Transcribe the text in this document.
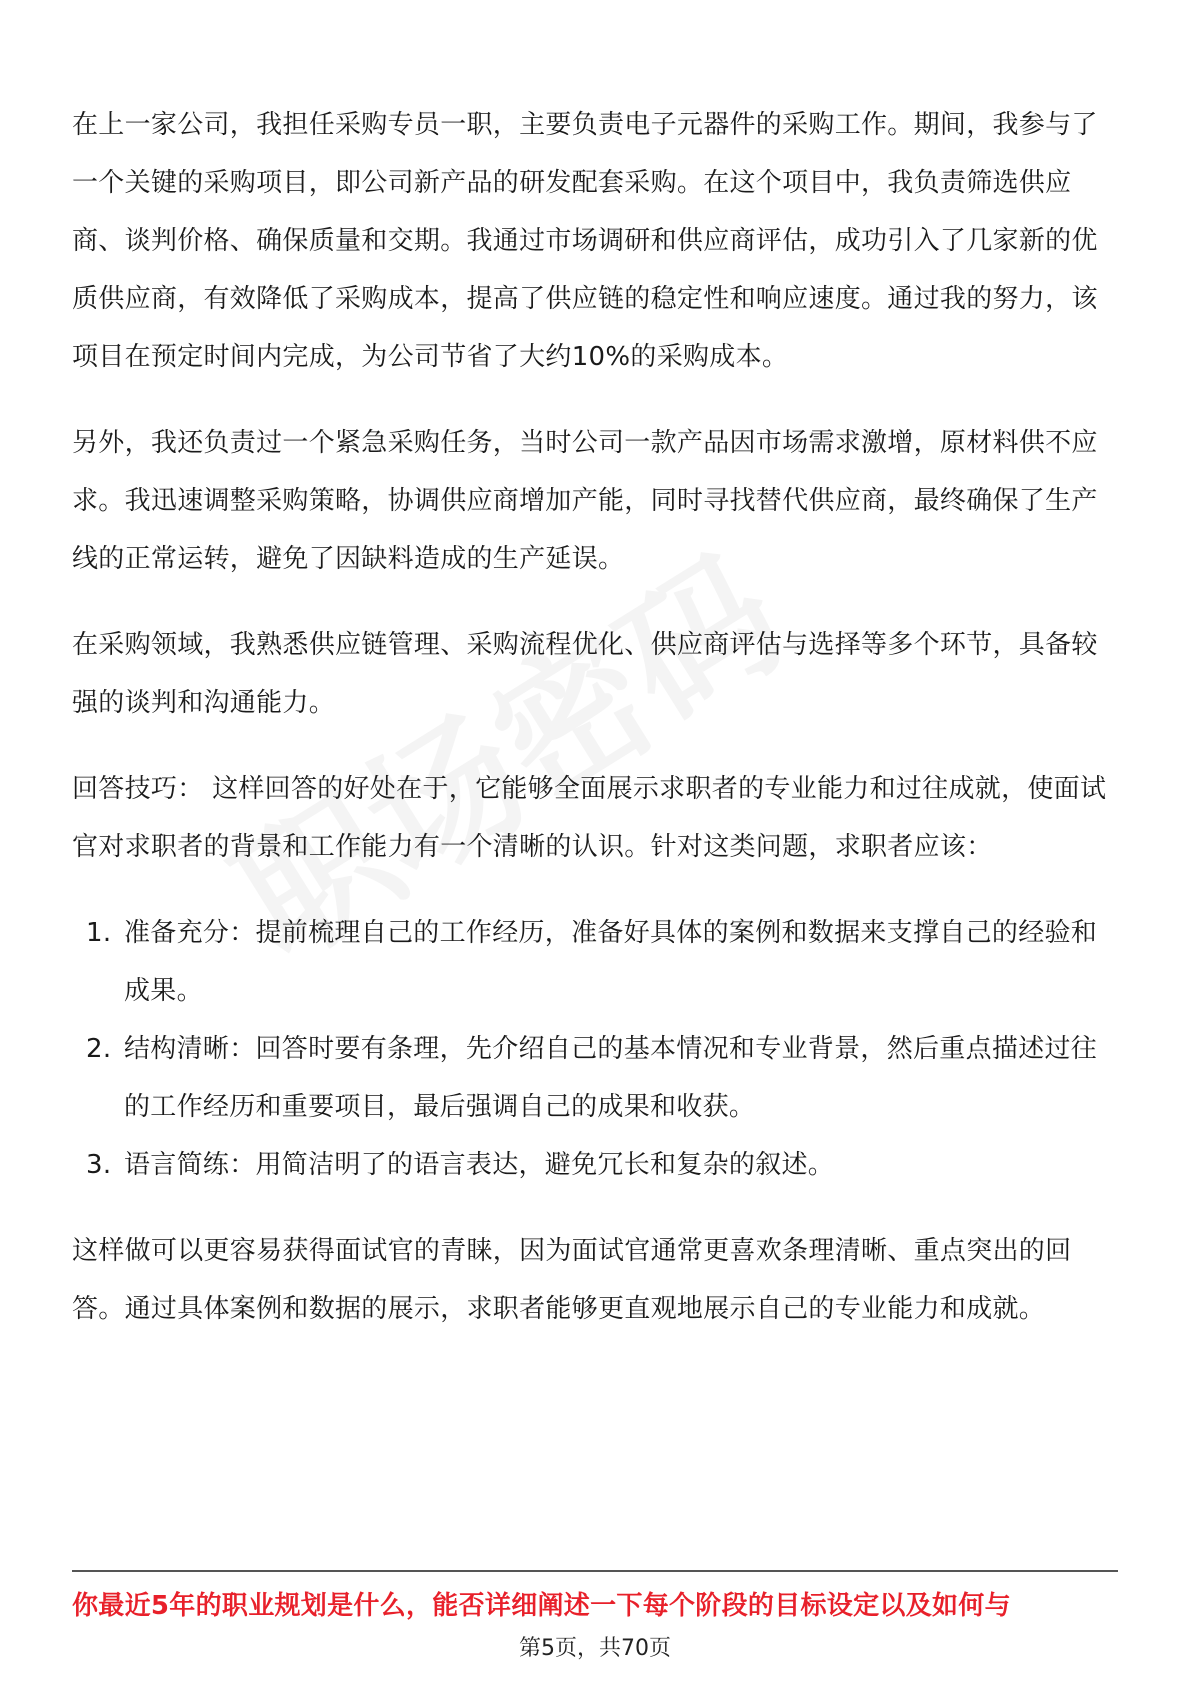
在上一家公司，我担任采购专员一职，主要负责电子元器件的采购工作。期间，我参与了一个关键的采购项目，即公司新产品的研发配套采购。在这个项目中，我负责筛选供应商、谈判价格、确保质量和交期。我通过市场调研和供应商评估，成功引入了几家新的优质供应商，有效降低了采购成本，提高了供应链的稳定性和响应速度。通过我的努力，该项目在预定时间内完成，为公司节省了大约10%的采购成本。

另外，我还负责过一个紧急采购任务，当时公司一款产品因市场需求激增，原材料供不应求。我迅速调整采购策略，协调供应商增加产能，同时寻找替代供应商，最终确保了生产线的正常运转，避免了因缺料造成的生产延误。

在采购领域，我熟悉供应链管理、采购流程优化、供应商评估与选择等多个环节，具备较强的谈判和沟通能力。

回答技巧： 这样回答的好处在于，它能够全面展示求职者的专业能力和过往成就，使面试官对求职者的背景和工作能力有一个清晰的认识。针对这类问题，求职者应该：

1. 准备充分：提前梳理自己的工作经历，准备好具体的案例和数据来支撑自己的经验和成果。
2. 结构清晰：回答时要有条理，先介绍自己的基本情况和专业背景，然后重点描述过往的工作经历和重要项目，最后强调自己的成果和收获。
3. 语言简练：用简洁明了的语言表达，避免冗长和复杂的叙述。

这样做可以更容易获得面试官的青睐，因为面试官通常更喜欢条理清晰、重点突出的回答。通过具体案例和数据的展示，求职者能够更直观地展示自己的专业能力和成就。

你最近5年的职业规划是什么，能否详细阐述一下每个阶段的目标设定以及如何与
第5页，共70页
